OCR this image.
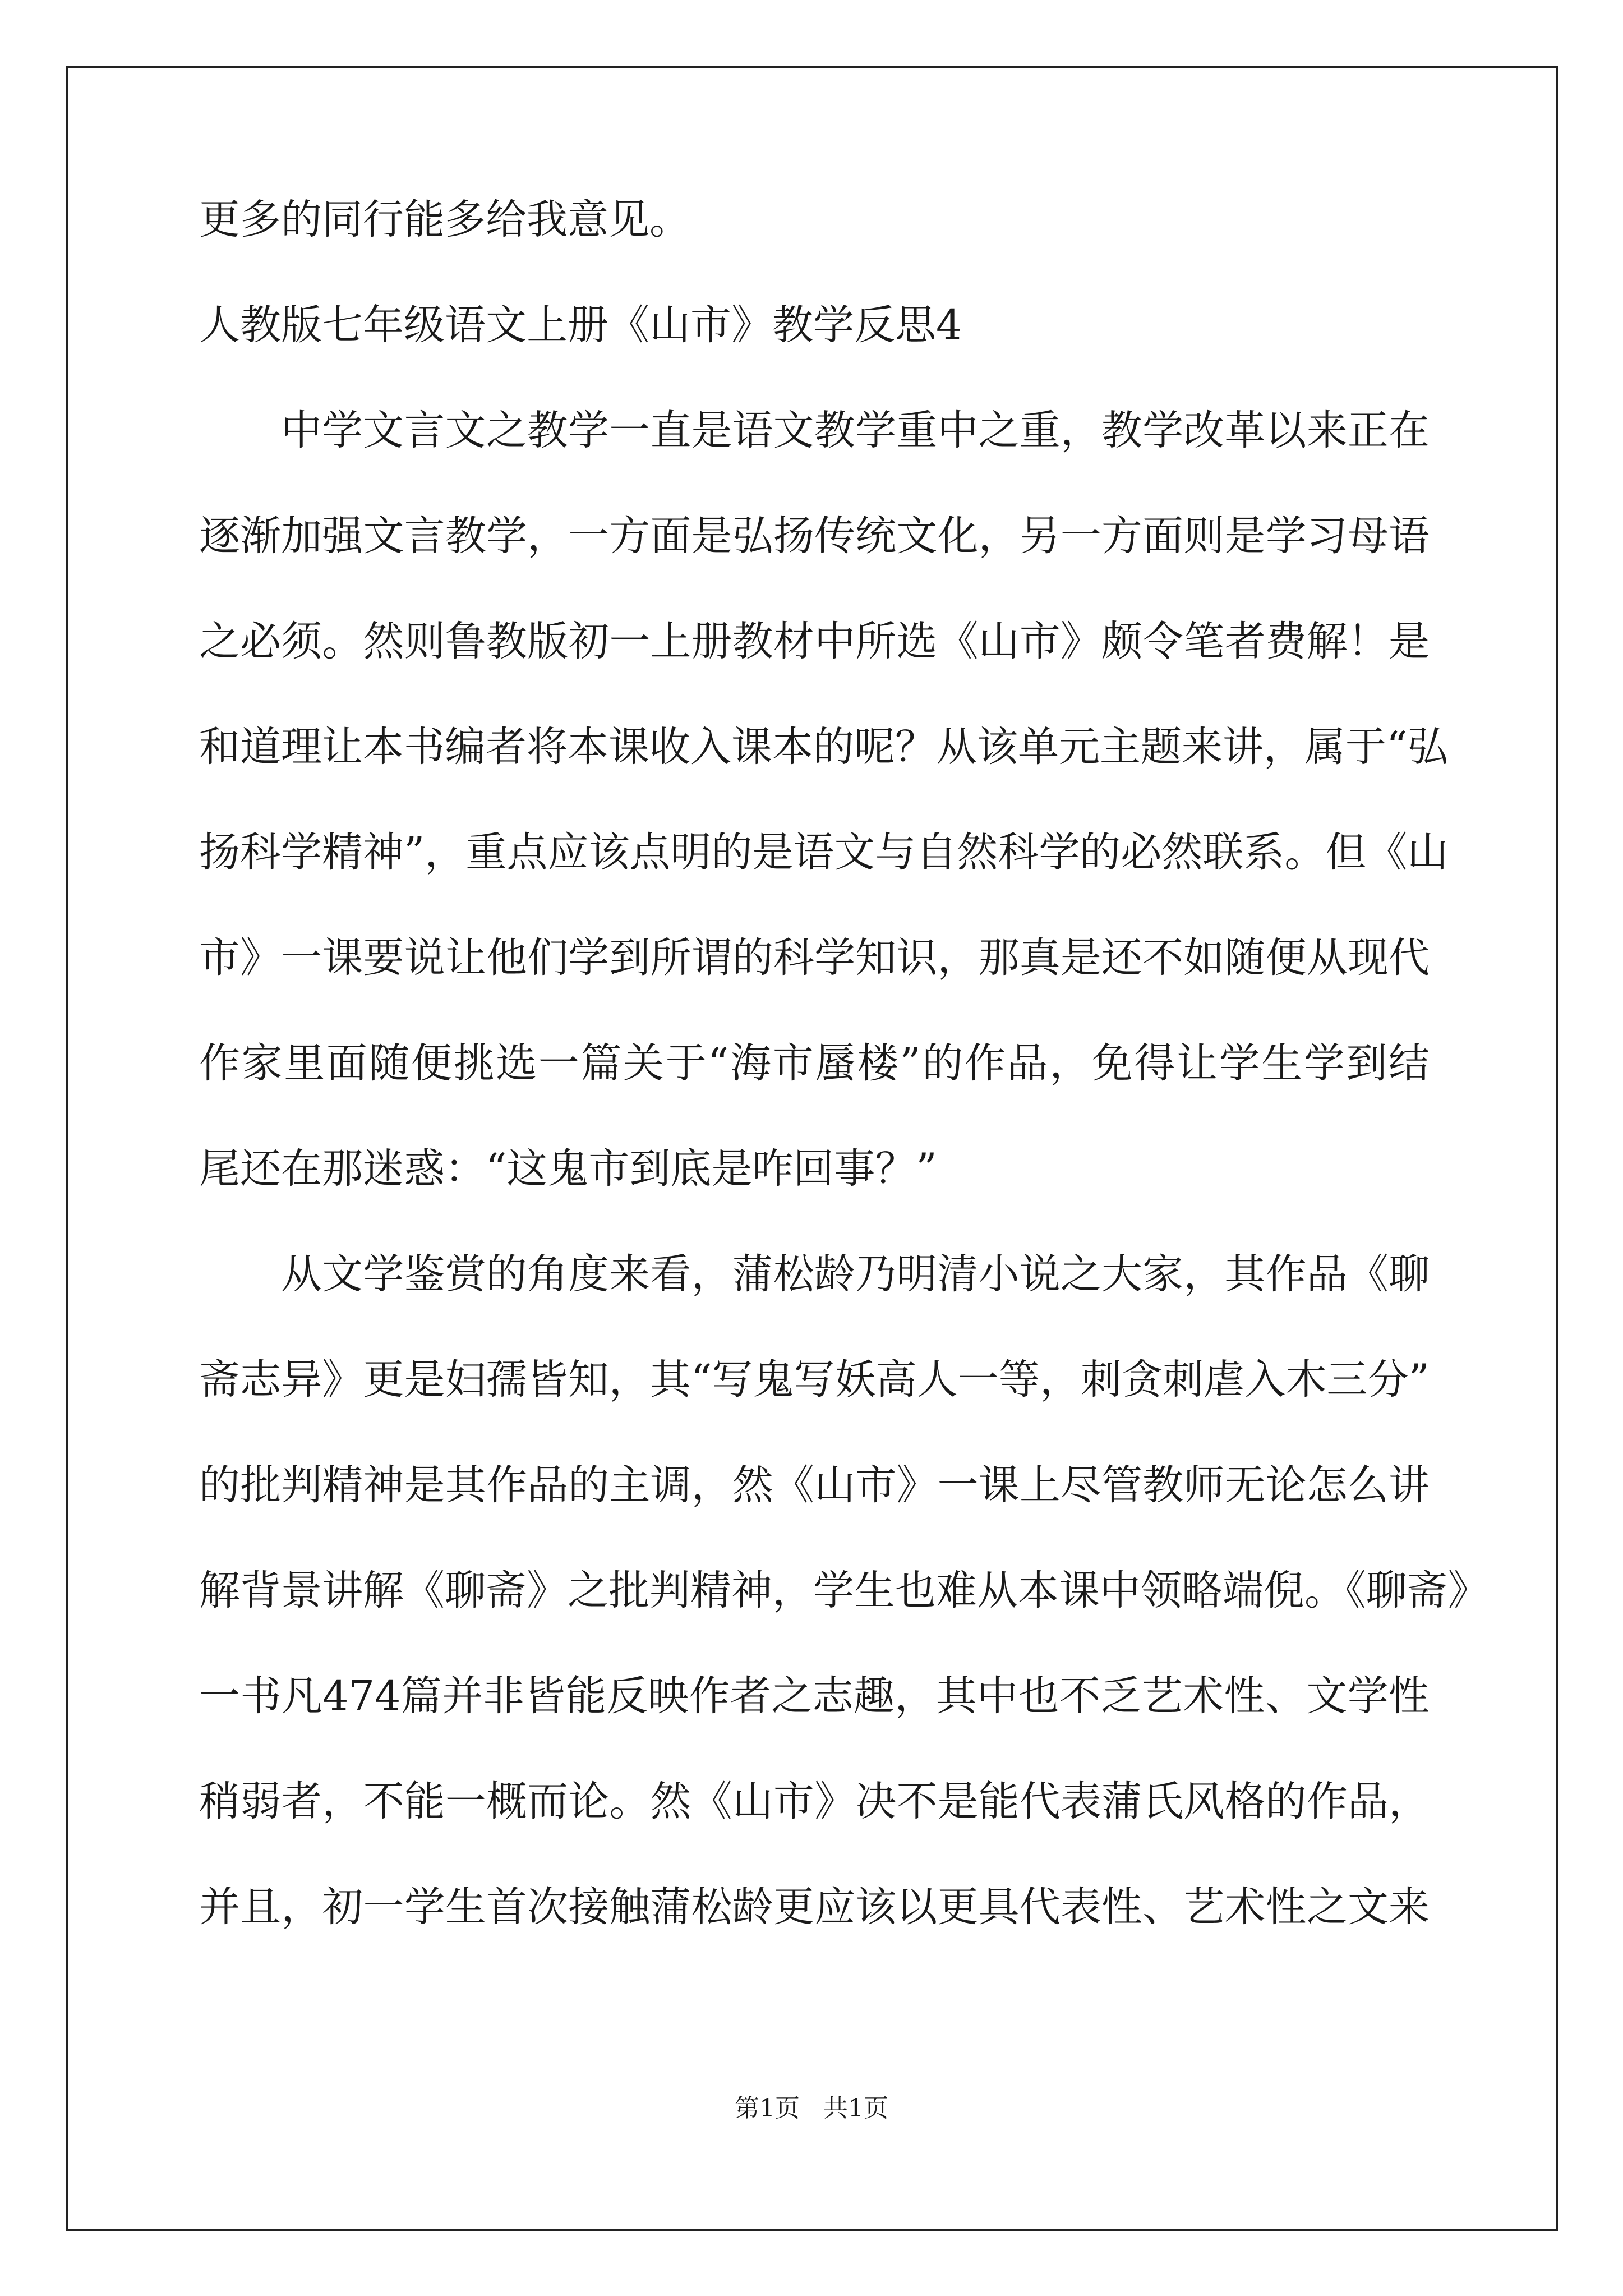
更多的同行能多给我意见。
人教版七年级语文上册《山市》教学反思4
中学文言文之教学一直是语文教学重中之重，教学改革以来正在
逐渐加强文言教学，一方面是弘扬传统文化，另一方面则是学习母语
之必须。然则鲁教版初一上册教材中所选《山市》颇令笔者费解！是
和道理让本书编者将本课收入课本的呢？从该单元主题来讲，属于“弘
扬科学精神”，重点应该点明的是语文与自然科学的必然联系。但《山
市》一课要说让他们学到所谓的科学知识，那真是还不如随便从现代
作家里面随便挑选一篇关于“海市蜃楼”的作品，免得让学生学到结
尾还在那迷惑：“这鬼市到底是咋回事？”
从文学鉴赏的角度来看，蒲松龄乃明清小说之大家，其作品《聊
斋志异》更是妇孺皆知，其“写鬼写妖高人一等，刺贪刺虐入木三分”
的批判精神是其作品的主调，然《山市》一课上尽管教师无论怎么讲
解背景讲解《聊斋》之批判精神，学生也难从本课中领略端倪。《聊斋》
一书凡474篇并非皆能反映作者之志趣，其中也不乏艺术性、文学性
稍弱者，不能一概而论。然《山市》决不是能代表蒲氏风格的作品，
并且，初一学生首次接触蒲松龄更应该以更具代表性、艺术性之文来
第1页 共1页
